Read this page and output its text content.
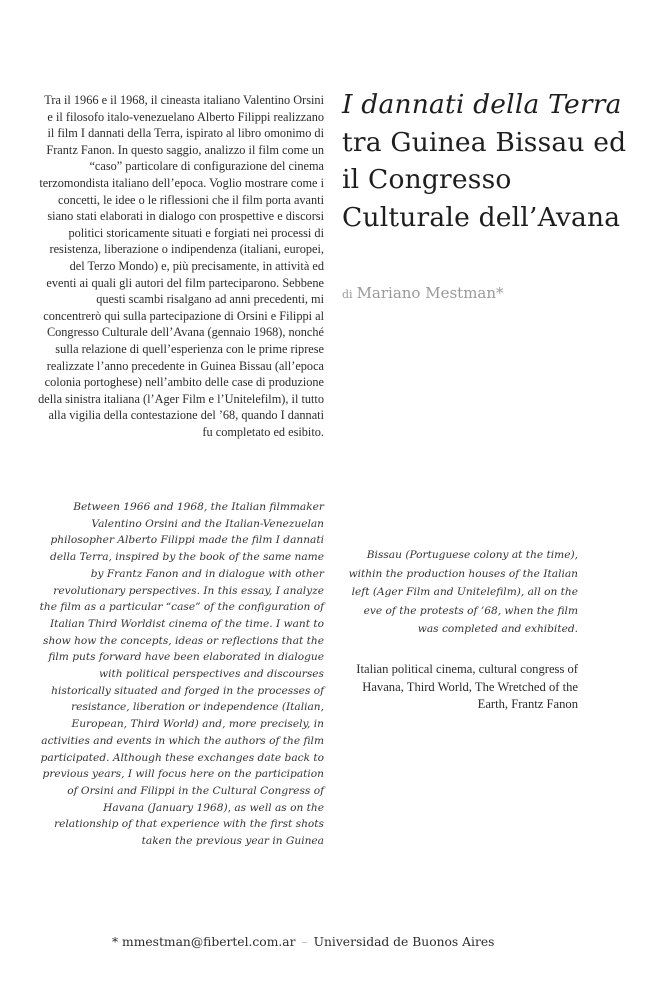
Tra il 1966 e il 1968, il cineasta italiano Valentino Orsini e il filosofo italo-venezuelano Alberto Filippi realizzano il film I dannati della Terra, ispirato al libro omonimo di Frantz Fanon. In questo saggio, analizzo il film come un “caso” particolare di configurazione del cinema terzomondista italiano dell’epoca. Voglio mostrare come i concetti, le idee o le riflessioni che il film porta avanti siano stati elaborati in dialogo con prospettive e discorsi politici storicamente situati e forgiati nei processi di resistenza, liberazione o indipendenza (italiani, europei, del Terzo Mondo) e, più precisamente, in attività ed eventi ai quali gli autori del film parteciparono. Sebbene questi scambi risalgano ad anni precedenti, mi concentrerò qui sulla partecipazione di Orsini e Filippi al Congresso Culturale dell’Avana (gennaio 1968), nonché sulla relazione di quell’esperienza con le prime riprese realizzate l’anno precedente in Guinea Bissau (all’epoca colonia portoghese) nell’ambito delle case di produzione della sinistra italiana (l’Ager Film e l’Unitelefilm), il tutto alla vigilia della contestazione del ’68, quando I dannati fu completato ed esibito.

Between 1966 and 1968, the Italian filmmaker Valentino Orsini and the Italian-Venezuelan philosopher Alberto Filippi made the film I dannati della Terra, inspired by the book of the same name by Frantz Fanon and in dialogue with other revolutionary perspectives. In this essay, I analyze the film as a particular “case” of the configuration of Italian Third Worldist cinema of the time. I want to show how the concepts, ideas or reflections that the film puts forward have been elaborated in dialogue with political perspectives and discourses historically situated and forged in the processes of resistance, liberation or independence (Italian, European, Third World) and, more precisely, in activities and events in which the authors of the film participated. Although these exchanges date back to previous years, I will focus here on the participation of Orsini and Filippi in the Cultural Congress of Havana (January 1968), as well as on the relationship of that experience with the first shots taken the previous year in Guinea

I dannati della Terra tra Guinea Bissau ed il Congresso Culturale dell’Avana
di Mariano Mestman*

Bissau (Portuguese colony at the time), within the production houses of the Italian left (Ager Film and Unitelefilm), all on the eve of the protests of ’68, when the film was completed and exhibited.

Italian political cinema, cultural congress of Havana, Third World, The Wretched of the Earth, Frantz Fanon

* mmestman@fibertel.com.ar – Universidad de Buonos Aires
